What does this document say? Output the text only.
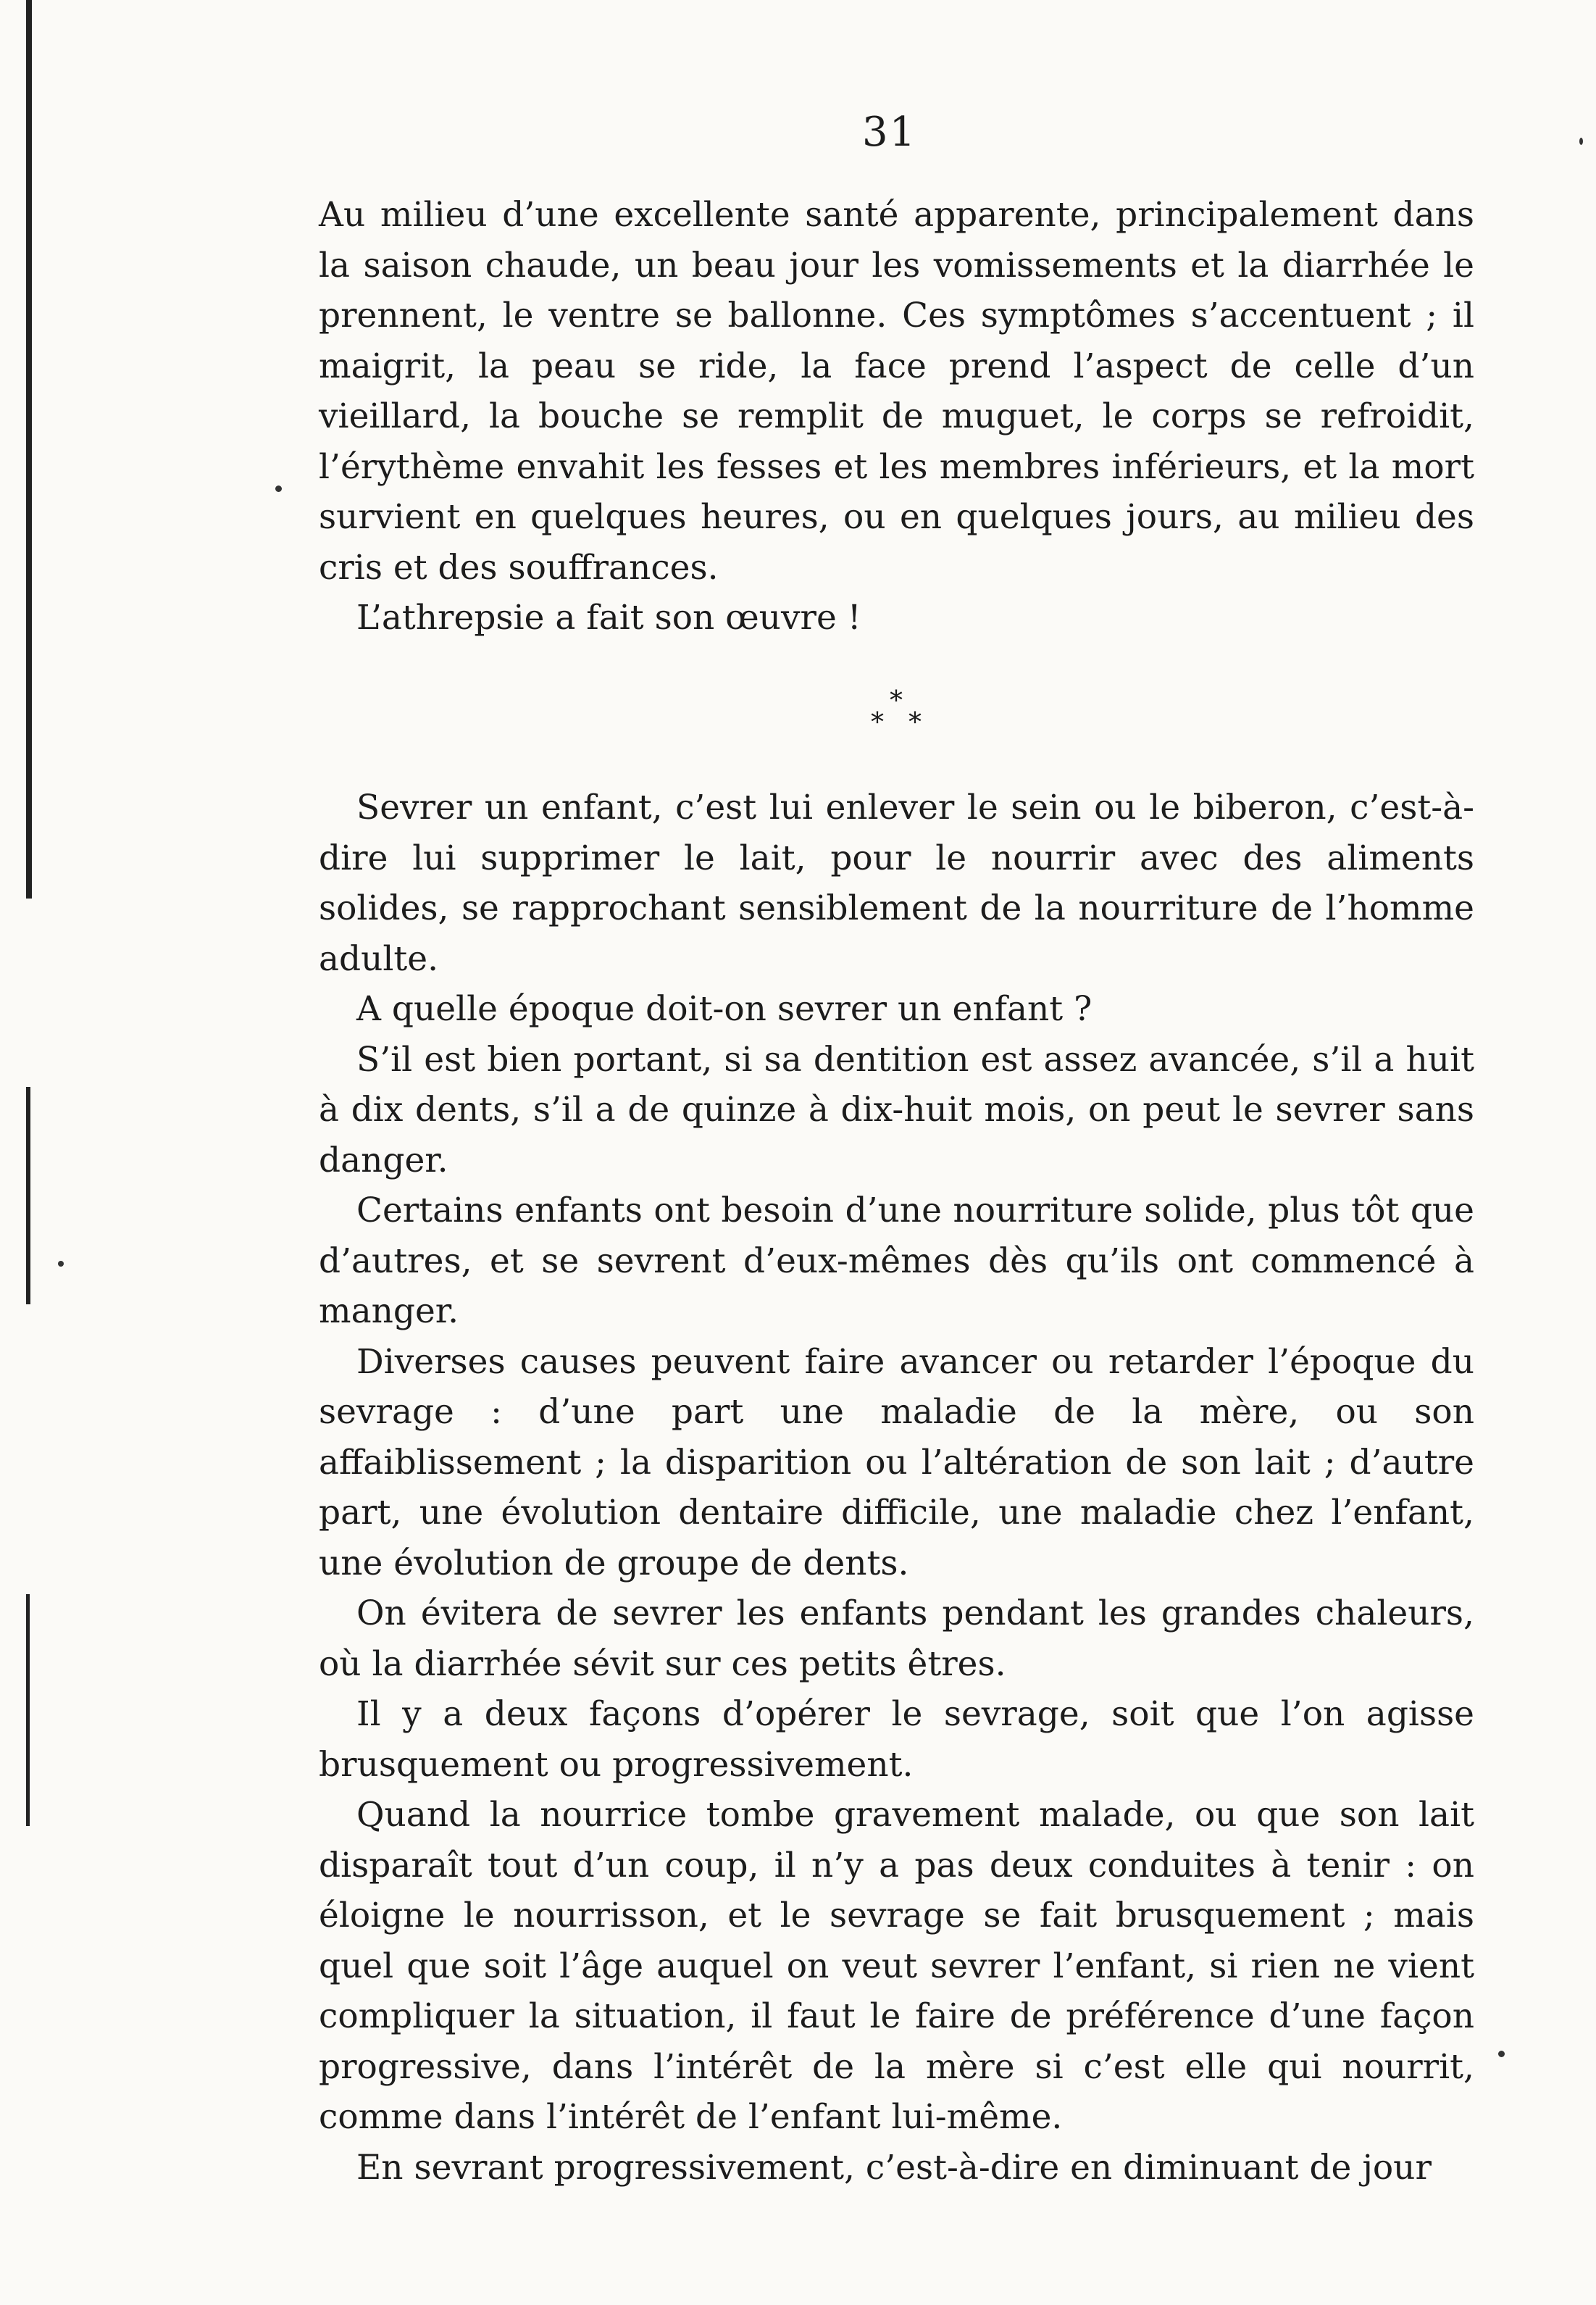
31

Au milieu d’une excellente santé apparente, principalement dans la saison chaude, un beau jour les vomissements et la diarrhée le prennent, le ventre se ballonne. Ces symptômes s’accentuent ; il maigrit, la peau se ride, la face prend l’aspect de celle d’un vieillard, la bouche se remplit de muguet, le corps se refroidit, l’érythème envahit les fesses et les membres inférieurs, et la mort survient en quelques heures, ou en quelques jours, au milieu des cris et des souffrances.

L’athrepsie a fait son œuvre !

*
* *

Sevrer un enfant, c’est lui enlever le sein ou le biberon, c’est-à-dire lui supprimer le lait, pour le nourrir avec des aliments solides, se rapprochant sensiblement de la nourriture de l’homme adulte.

A quelle époque doit-on sevrer un enfant ?

S’il est bien portant, si sa dentition est assez avancée, s’il a huit à dix dents, s’il a de quinze à dix-huit mois, on peut le sevrer sans danger.

Certains enfants ont besoin d’une nourriture solide, plus tôt que d’autres, et se sevrent d’eux-mêmes dès qu’ils ont commencé à manger.

Diverses causes peuvent faire avancer ou retarder l’époque du sevrage : d’une part une maladie de la mère, ou son affaiblissement ; la disparition ou l’altération de son lait ; d’autre part, une évolution dentaire difficile, une maladie chez l’enfant, une évolution de groupe de dents.

On évitera de sevrer les enfants pendant les grandes chaleurs, où la diarrhée sévit sur ces petits êtres.

Il y a deux façons d’opérer le sevrage, soit que l’on agisse brusquement ou progressivement.

Quand la nourrice tombe gravement malade, ou que son lait disparaît tout d’un coup, il n’y a pas deux conduites à tenir : on éloigne le nourrisson, et le sevrage se fait brusquement ; mais quel que soit l’âge auquel on veut sevrer l’enfant, si rien ne vient compliquer la situation, il faut le faire de préférence d’une façon progressive, dans l’intérêt de la mère si c’est elle qui nourrit, comme dans l’intérêt de l’enfant lui-même.

En sevrant progressivement, c’est-à-dire en diminuant de jour
